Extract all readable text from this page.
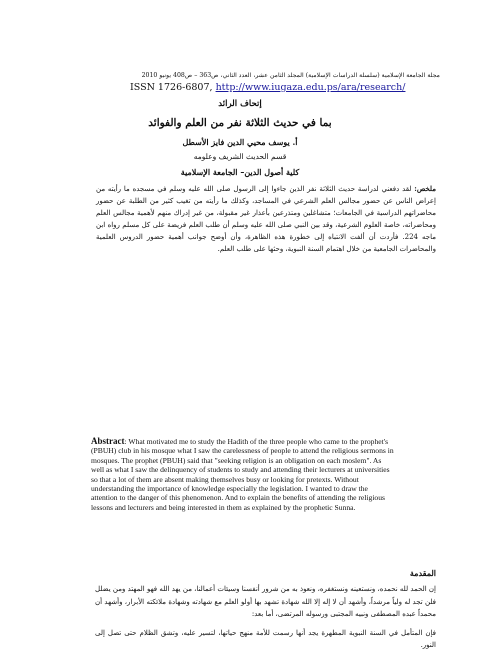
مجلة الجامعة الإسلامية (سلسلة الدراسات الإسلامية) المجلد الثامن عشر، العدد الثاني، ص363 – ص408 يونيو 2010
ISSN 1726-6807, http://www.iugaza.edu.ps/ara/research/
إتحاف الرائد
بما في حديث الثلاثة نفر من العلم والفوائد
أ. يوسف محيي الدين فايز الأسطل
قسم الحديث الشريف وعلومه
كلية أصول الدين– الجامعة الإسلامية
ملخص: لقد دفعني لدراسة حديث الثلاثة نفر الذين جاءوا إلى الرسول صلى الله عليه وسلم في مسجده ما رأيته من إعراض الناس عن حضور مجالس العلم الشرعي في المساجد، وكذلك ما رأيته من تغيب كثير من الطلبة عن حضور محاضراتهم الدراسية في الجامعات؛ متشاغلين ومتذرعين بأعذار غير مقبولة، من غير إدراك منهم لأهمية مجالس العلم ومحاضراته، خاصة العلوم الشرعية، وقد بين النبي صلى الله عليه وسلم أن طلب العلم فريضة على كل مسلم رواه ابن ماجه 224. فأردت أن ألفت الانتباه إلى خطورة هذه الظاهرة، وأن أوضح جوانب أهمية حضور الدروس العلمية والمحاضرات الجامعية من خلال اهتمام السنة النبوية، وحثها على طلب العلم.
Abstract: What motivated me to study the Hadith of the three people who came to the prophet's (PBUH) club in his mosque what I saw the carelessness of people to attend the religious sermons in mosques. The prophet (PBUH) said that "seeking religion is an obligation on each moslem". As well as what I saw the delinquency of students to study and attending their lecturers at universities so that a lot of them are absent making themselves busy or looking for pretexts. Without understanding the importance of knowledge especially the legislation. I wanted to draw the attention to the danger of this phenomenon. And to explain the benefits of attending the religious lessons and lecturers and being interested in them as explained by the prophetic Sunna.
المقدمة

إن الحمد لله نحمده، ونستعينه ونستغفره، ونعوذ به من شرور أنفسنا وسيئات أعمالنا، من يهد الله فهو المهتد ومن يضلل فلن تجد له ولياً مرشداً، وأشهد أن لا إله إلا الله شهادة تشهد بها أولو العلم مع شهادته وشهادة ملائكته الأبرار، وأشهد أن محمداً عبده المصطفى ونبيه المجتبى ورسوله المرتضى، أما بعد:

فإن المتأمل في السنة النبوية المطهرة يجد أنها رسمت للأمة منهج حياتها، لتسير عليه، وتشق الظلام حتى تصل إلى النور.
